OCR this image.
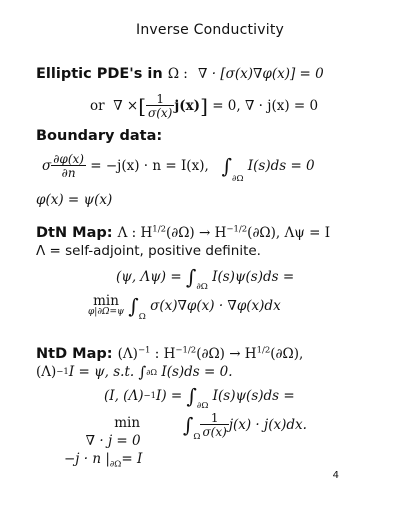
Inverse Conductivity
Elliptic PDE's in Ω : ∇ · [σ(x)∇φ(x)] = 0
or
∇ × [ $\frac{1}{\sigma(x)} j(x)$ ]
= 0, ∇ · j(x) = 0
Boundary data:
σ $\frac{\partial\varphi(x)}{\partial n}$
= −j(x) · n = I(x),
∫
$_{\partial\Omega}$

I(s)ds = 0
φ(x) = ψ(x)
DtN Map: Λ : $H^{1/2}(\partial\Omega) \to H^{-1/2}(\partial\Omega)$, Λψ = I
Λ = self-adjoint, positive definite.
(ψ, Λψ) =
$\int_{\partial\Omega}$

I(s)ψ(s)ds =
min
φ|∂Ω=ψ
$\int_\Omega$

σ(x)∇φ(x) · ∇φ(x)dx
NtD Map: $(\Lambda)^{-1}$ : $H^{-1/2}(\partial\Omega) \to H^{1/2}(\partial\Omega)$,
(Λ) −1 I = ψ, s.t.
∫ ∂Ω
I(s)ds = 0.
(I, (Λ) −1 I) =
$\int_{\partial\Omega}$

I(s)ψ(s)ds =
min
∇ · j = 0
−j · n $|_{\partial\Omega}= I$
$\int_\Omega \frac{1}{\sigma(x)} j(x) \cdot j(x)dx$.
4
